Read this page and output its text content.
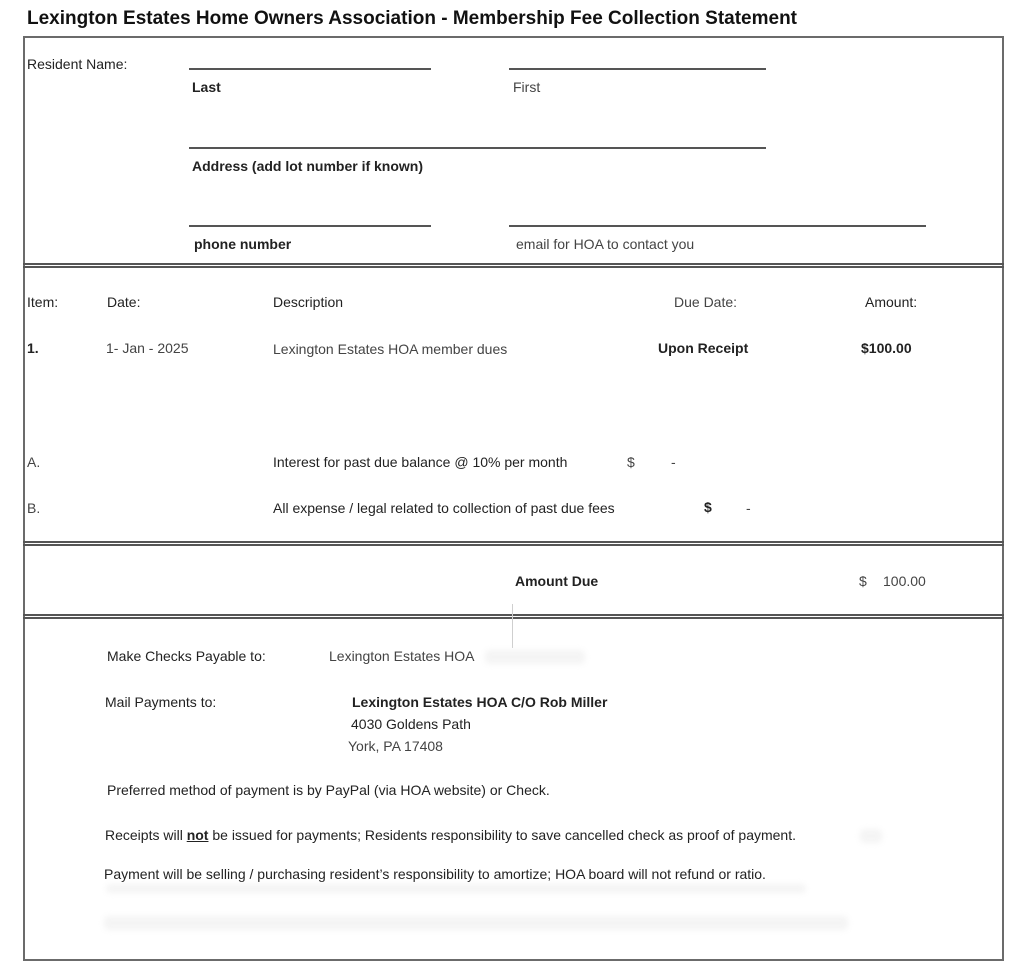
Lexington Estates Home Owners Association - Membership Fee Collection Statement
Resident Name:
Last	First
Address (add lot number if known)
phone number	email for HOA to contact you
Item:	Date:	Description	Due Date:	Amount:
1.	1- Jan - 2025	Lexington Estates HOA member dues	Upon Receipt	$100.00
A.	Interest for past due balance @ 10% per month	$	-
B.	All expense / legal related to collection of past due fees	$ -
Amount Due	$ 100.00
Make Checks Payable to:	Lexington Estates HOA
Mail Payments to:	Lexington Estates HOA C/O Rob Miller
4030 Goldens Path
York, PA 17408
Preferred method of payment is by PayPal (via HOA website) or Check.
Receipts will not be issued for payments; Residents responsibility to save cancelled check as proof of payment.
Payment will be selling / purchasing resident’s responsibility to amortize; HOA board will not refund or ratio.
